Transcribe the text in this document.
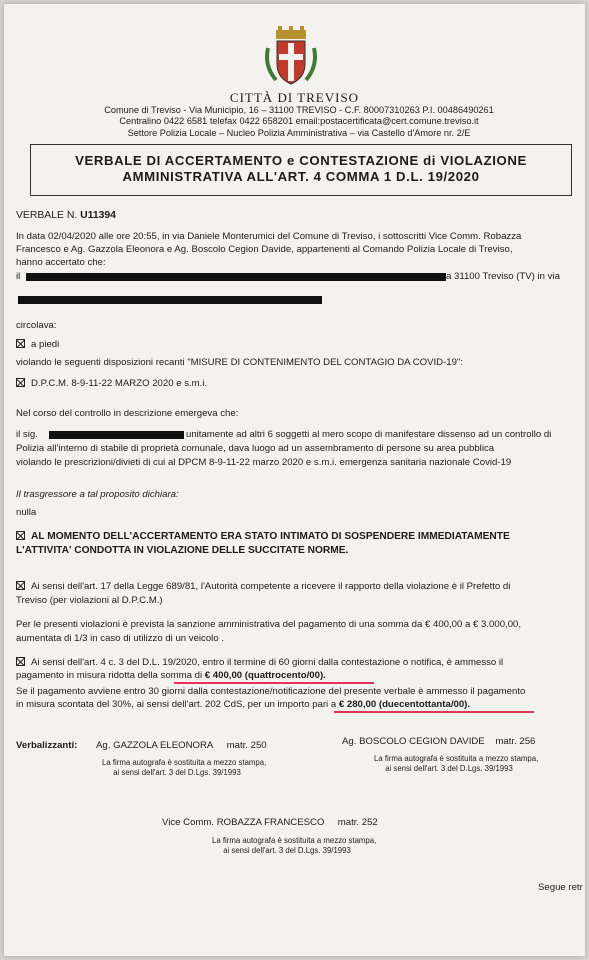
CITTÀ DI TREVISO
Comune di Treviso - Via Municipio, 16 – 31100 TREVISO - C.F. 80007310263 P.I. 00486490261
Centralino 0422 6581 telefax 0422 658201 email:postacertificata@cert.comune.treviso.it
Settore Polizia Locale – Nucleo Polizia Amministrativa – via Castello d'Amore nr. 2/E
VERBALE DI ACCERTAMENTO e CONTESTAZIONE di VIOLAZIONE
AMMINISTRATIVA ALL'ART. 4 COMMA 1 D.L. 19/2020
VERBALE N. U11394
In data 02/04/2020 alle ore 20:55, in via Daniele Monterumici del Comune di Treviso, i sottoscritti Vice Comm. Robazza
Francesco e Ag. Gazzola Eleonora e Ag. Boscolo Cegion Davide, appartenenti al Comando Polizia Locale di Treviso,
hanno accertato che:
il	a 31100 Treviso (TV) in via
circolava:
a piedi
violando le seguenti disposizioni recanti "MISURE DI CONTENIMENTO DEL CONTAGIO DA COVID-19":
D.P.C.M. 8-9-11-22 MARZO 2020 e s.m.i.
Nel corso del controllo in descrizione emergeva che:
il sig.	unitamente ad altri 6 soggetti al mero scopo di manifestare dissenso ad un controllo di
Polizia all'interno di stabile di proprietà comunale, dava luogo ad un assembramento di persone su area pubblica
violando le prescrizioni/divieti di cui al DPCM 8-9-11-22 marzo 2020 e s.m.i. emergenza sanitaria nazionale Covid-19
Il trasgressore a tal proposito dichiara:
nulla
AL MOMENTO DELL'ACCERTAMENTO ERA STATO INTIMATO DI SOSPENDERE IMMEDIATAMENTE
L'ATTIVITA' CONDOTTA IN VIOLAZIONE DELLE SUCCITATE NORME.
Ai sensi dell'art. 17 della Legge 689/81, l'Autorità competente a ricevere il rapporto della violazione è il Prefetto di
Treviso (per violazioni al D.P.C.M.)
Per le presenti violazioni è prevista la sanzione amministrativa del pagamento di una somma da € 400,00 a € 3.000,00,
aumentata di 1/3 in caso di utilizzo di un veicolo .
Ai sensi dell'art. 4 c. 3 del D.L. 19/2020, entro il termine di 60 giorni dalla contestazione o notifica, è ammesso il
pagamento in misura ridotta della somma di € 400,00 (quattrocento/00).
Se il pagamento avviene entro 30 giorni dalla contestazione/notificazione del presente verbale è ammesso il pagamento
in misura scontata del 30%, ai sensi dell'art. 202 CdS, per un importo pari a € 280,00 (duecentottanta/00).
Verbalizzanti: Ag. GAZZOLA ELEONORA matr. 250	Ag. BOSCOLO CEGION DAVIDE matr. 256
La firma autografa è sostituita a mezzo stampa,
ai sensi dell'art. 3 del D.Lgs. 39/1993
La firma autografa è sostituita a mezzo stampa,
ai sensi dell'art. 3 del D.Lgs. 39/1993
Vice Comm. ROBAZZA FRANCESCO matr. 252
La firma autografa è sostituita a mezzo stampa,
ai sensi dell'art. 3 del D.Lgs. 39/1993
Segue retr
